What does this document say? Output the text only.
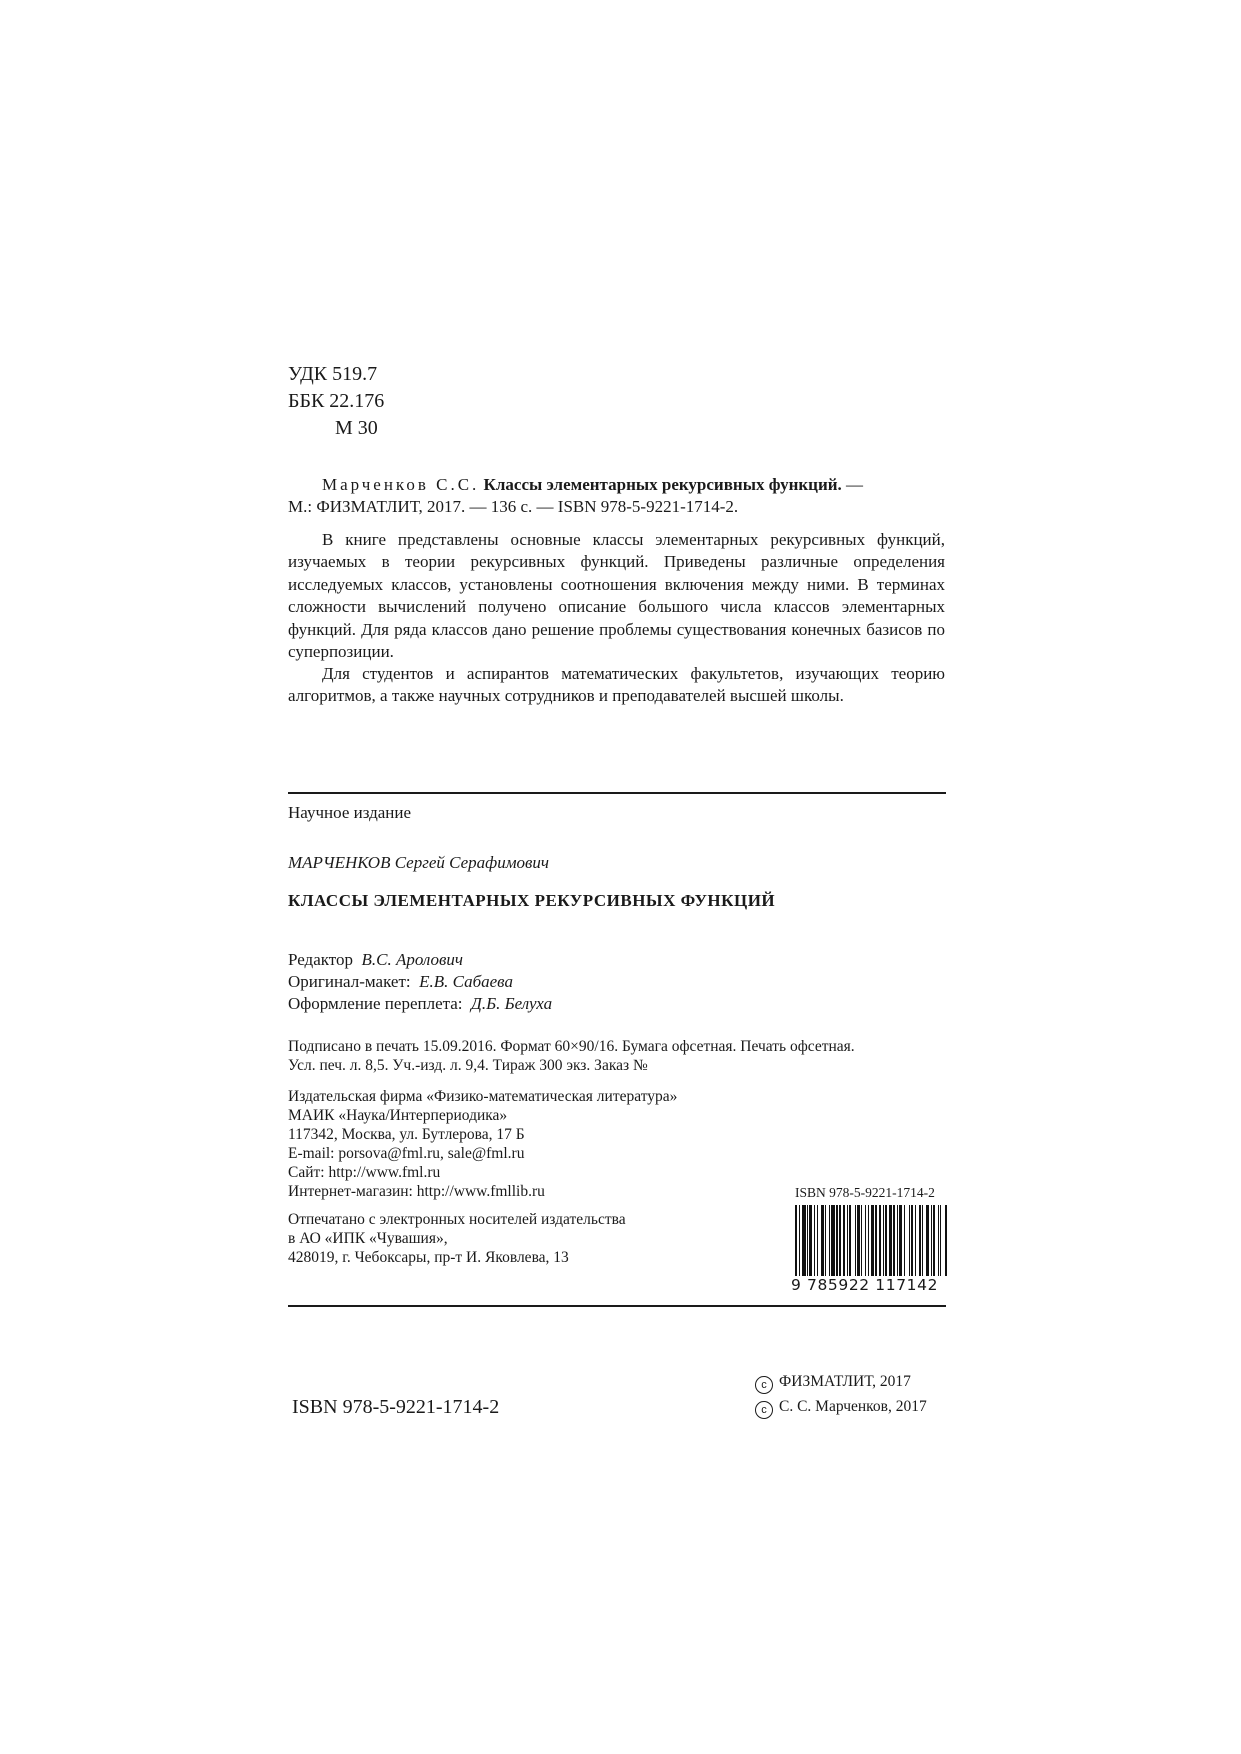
УДК 519.7
ББК 22.176
М 30
Марченков С.С. Классы элементарных рекурсивных функций. —
М.: ФИЗМАТЛИТ, 2017. — 136 с. — ISBN 978-5-9221-1714-2.
В книге представлены основные классы элементарных рекурсивных функций, изучаемых в теории рекурсивных функций. Приведены различные определения исследуемых классов, установлены соотношения включения между ними. В терминах сложности вычислений получено описание большого числа классов элементарных функций. Для ряда классов дано решение проблемы существования конечных базисов по суперпозиции.
Для студентов и аспирантов математических факультетов, изучающих теорию алгоритмов, а также научных сотрудников и преподавателей высшей школы.
Научное издание
МАРЧЕНКОВ Сергей Серафимович
КЛАССЫ ЭЛЕМЕНТАРНЫХ РЕКУРСИВНЫХ ФУНКЦИЙ
Редактор В.С. Аролович
Оригинал-макет: Е.В. Сабаева
Оформление переплета: Д.Б. Белуха
Подписано в печать 15.09.2016. Формат 60×90/16. Бумага офсетная. Печать офсетная.
Усл. печ. л. 8,5. Уч.-изд. л. 9,4. Тираж 300 экз. Заказ №
Издательская фирма «Физико-математическая литература»
МАИК «Наука/Интерпериодика»
117342, Москва, ул. Бутлерова, 17 Б
E-mail: porsova@fml.ru, sale@fml.ru
Сайт: http://www.fml.ru
Интернет-магазин: http://www.fmllib.ru
Отпечатано с электронных носителей издательства
в АО «ИПК «Чувашия»,
428019, г. Чебоксары, пр-т И. Яковлева, 13
ISBN 978-5-9221-1714-2
9 785922 117142
ISBN 978-5-9221-1714-2
c ФИЗМАТЛИТ, 2017
c С. С. Марченков, 2017
